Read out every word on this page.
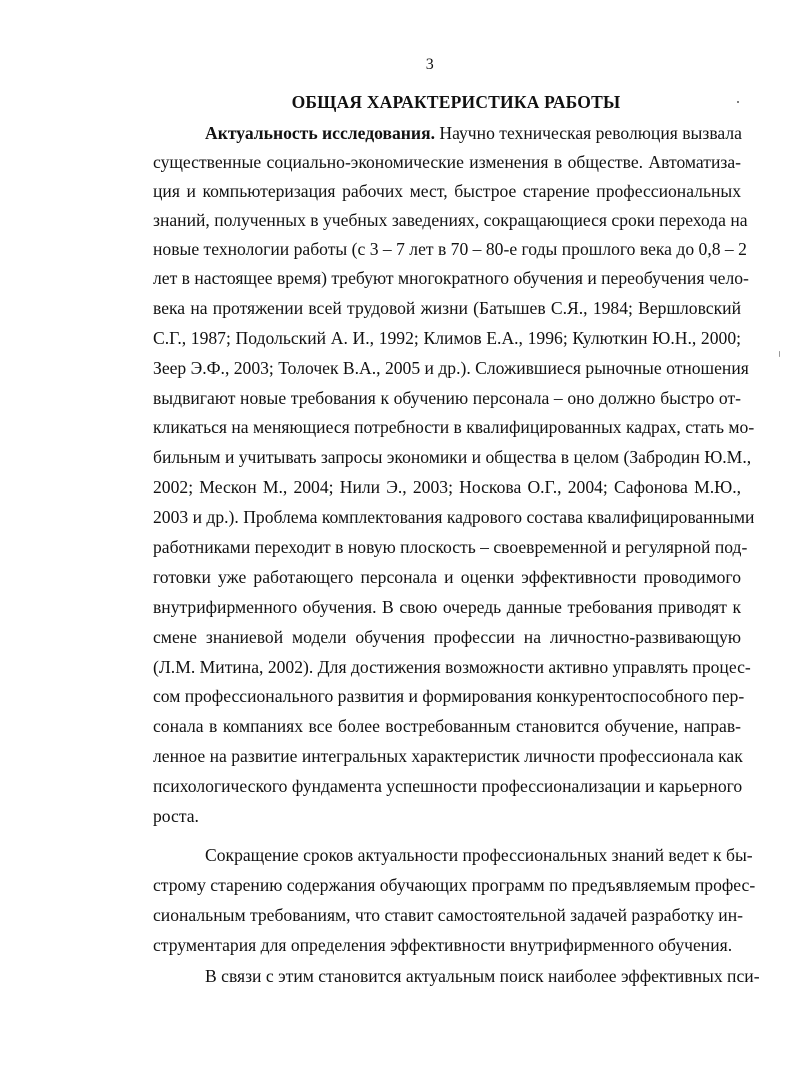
3
ОБЩАЯ ХАРАКТЕРИСТИКА РАБОТЫ
Актуальность исследования. Научно техническая революция вызвала
существенные социально-экономические изменения в обществе. Автоматиза-
ция и компьютеризация рабочих мест, быстрое старение профессиональных
знаний, полученных в учебных заведениях, сокращающиеся сроки перехода на
новые технологии работы (с 3 – 7 лет в 70 – 80-е годы прошлого века до 0,8 – 2
лет в настоящее время) требуют многократного обучения и переобучения чело-
века на протяжении всей трудовой жизни (Батышев С.Я., 1984; Вершловский
С.Г., 1987; Подольский А. И., 1992; Климов Е.А., 1996; Кулюткин Ю.Н., 2000;
Зеер Э.Ф., 2003; Толочек В.А., 2005 и др.). Сложившиеся рыночные отношения
выдвигают новые требования к обучению персонала – оно должно быстро от-
кликаться на меняющиеся потребности в квалифицированных кадрах, стать мо-
бильным и учитывать запросы экономики и общества в целом (Забродин Ю.М.,
2002; Мескон М., 2004; Нили Э., 2003; Носкова О.Г., 2004; Сафонова М.Ю.,
2003 и др.). Проблема комплектования кадрового состава квалифицированными
работниками переходит в новую плоскость – своевременной и регулярной под-
готовки уже работающего персонала и оценки эффективности проводимого
внутрифирменного обучения. В свою очередь данные требования приводят к
смене знаниевой модели обучения профессии на личностно-развивающую
(Л.М. Митина, 2002). Для достижения возможности активно управлять процес-
сом профессионального развития и формирования конкурентоспособного пер-
сонала в компаниях все более востребованным становится обучение, направ-
ленное на развитие интегральных характеристик личности профессионала как
психологического фундамента успешности профессионализации и карьерного
роста.
Сокращение сроков актуальности профессиональных знаний ведет к бы-
строму старению содержания обучающих программ по предъявляемым профес-
сиональным требованиям, что ставит самостоятельной задачей разработку ин-
струментария для определения эффективности внутрифирменного обучения.
В связи с этим становится актуальным поиск наиболее эффективных пси-
